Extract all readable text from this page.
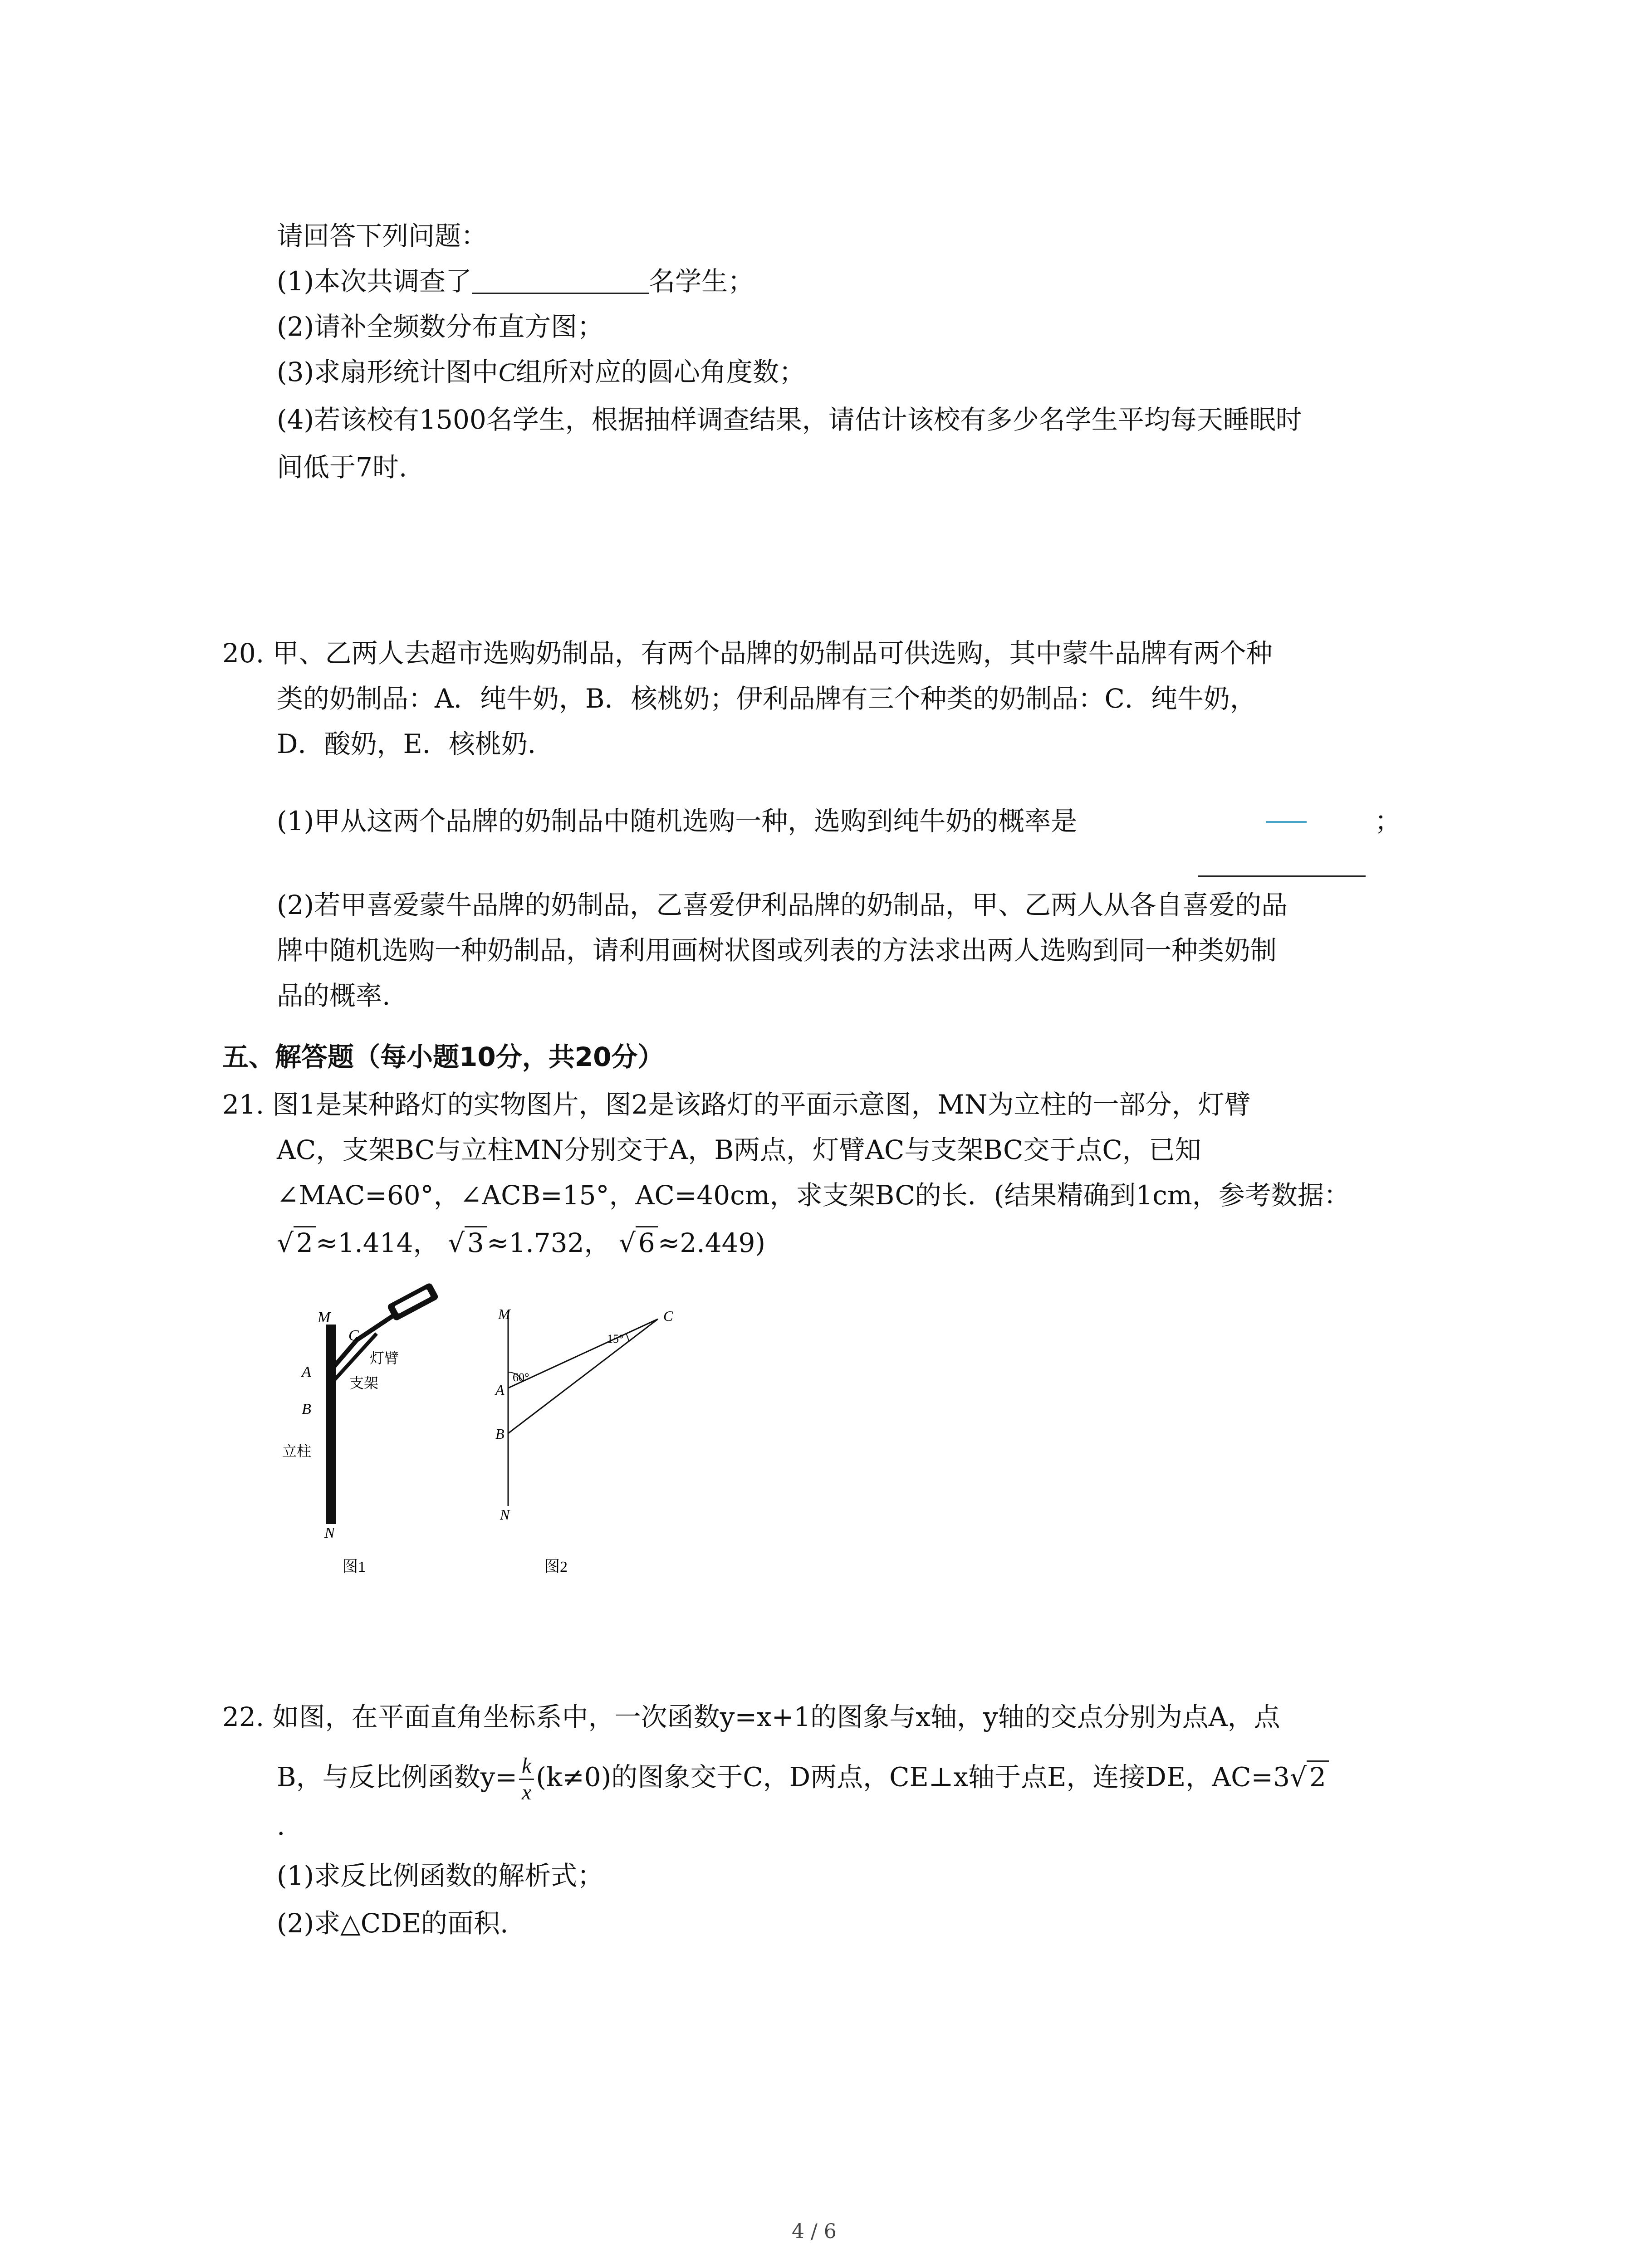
请回答下列问题：
(1)本次共调查了	名学生；
(2)请补全频数分布直方图；
(3)求扇形统计图中C组所对应的圆心角度数；
(4)若该校有1500名学生，根据抽样调查结果，请估计该校有多少名学生平均每天睡眠时
间低于7时.
20. 甲、乙两人去超市选购奶制品，有两个品牌的奶制品可供选购，其中蒙牛品牌有两个种
类的奶制品：A．纯牛奶，B．核桃奶；伊利品牌有三个种类的奶制品：C．纯牛奶，
D．酸奶，E．核桃奶．
(1)甲从这两个品牌的奶制品中随机选购一种，选购到纯牛奶的概率是	；
(2)若甲喜爱蒙牛品牌的奶制品，乙喜爱伊利品牌的奶制品，甲、乙两人从各自喜爱的品
牌中随机选购一种奶制品，请利用画树状图或列表的方法求出两人选购到同一种类奶制
品的概率.
五、解答题（每小题10分，共20分）
21. 图1是某种路灯的实物图片，图2是该路灯的平面示意图，MN为立柱的一部分，灯臂
AC，支架BC与立柱MN分别交于A，B两点，灯臂AC与支架BC交于点C，已知
∠MAC=60°，∠ACB=15°，AC=40cm，求支架BC的长．(结果精确到1cm，参考数据：
√ 2 ≈1.414， √ 3 ≈1.732， √ 6 ≈2.449)
M
C
A
B
N
灯臂
支架
立柱
图1
M	C
A
B
N
60°
15°
图2
22. 如图，在平面直角坐标系中，一次函数y=x+1的图象与x轴，y轴的交点分别为点A，点
B，与反比例函数$y= \frac{k}{x} (k\ne 0)$的图象交于C，D两点，CE⊥x轴于点E，连接DE，AC=3√ 2
.
(1)求反比例函数的解析式；
(2)求△CDE的面积.
4 / 6
